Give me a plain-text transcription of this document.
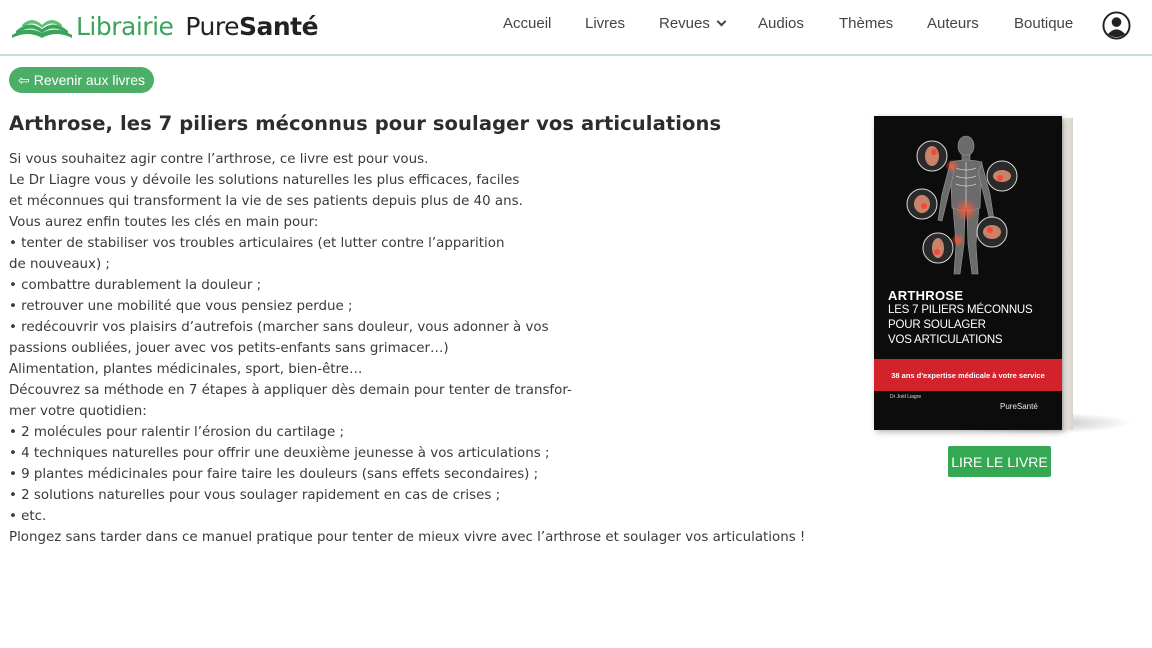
Librairie PureSanté	Accueil Livres Revues	Audios Thèmes Auteurs Boutique
⇦ Revenir aux livres
Arthrose, les 7 piliers méconnus pour soulager vos articulations

Si vous souhaitez agir contre l’arthrose, ce livre est pour vous.

Le Dr Liagre vous y dévoile les solutions naturelles les plus efficaces, faciles

et méconnues qui transforment la vie de ses patients depuis plus de 40 ans.

Vous aurez enfin toutes les clés en main pour:

• tenter de stabiliser vos troubles articulaires (et lutter contre l’apparition

de nouveaux) ;

• combattre durablement la douleur ;

• retrouver une mobilité que vous pensiez perdue ;

• redécouvrir vos plaisirs d’autrefois (marcher sans douleur, vous adonner à vos

passions oubliées, jouer avec vos petits-enfants sans grimacer…)

Alimentation, plantes médicinales, sport, bien-être…

Découvrez sa méthode en 7 étapes à appliquer dès demain pour tenter de transfor-

mer votre quotidien:

• 2 molécules pour ralentir l’érosion du cartilage ;

• 4 techniques naturelles pour offrir une deuxième jeunesse à vos articulations ;

• 9 plantes médicinales pour faire taire les douleurs (sans effets secondaires) ;

• 2 solutions naturelles pour vous soulager rapidement en cas de crises ;

• etc.

Plongez sans tarder dans ce manuel pratique pour tenter de mieux vivre avec l’arthrose et soulager vos articulations !

ARTHROSE
LES 7 PILIERS MÉCONNUS
POUR SOULAGER
VOS ARTICULATIONS
38 ans d'expertise médicale à votre service
Dr Joël Liagre
PureSanté
LIRE LE LIVRE
